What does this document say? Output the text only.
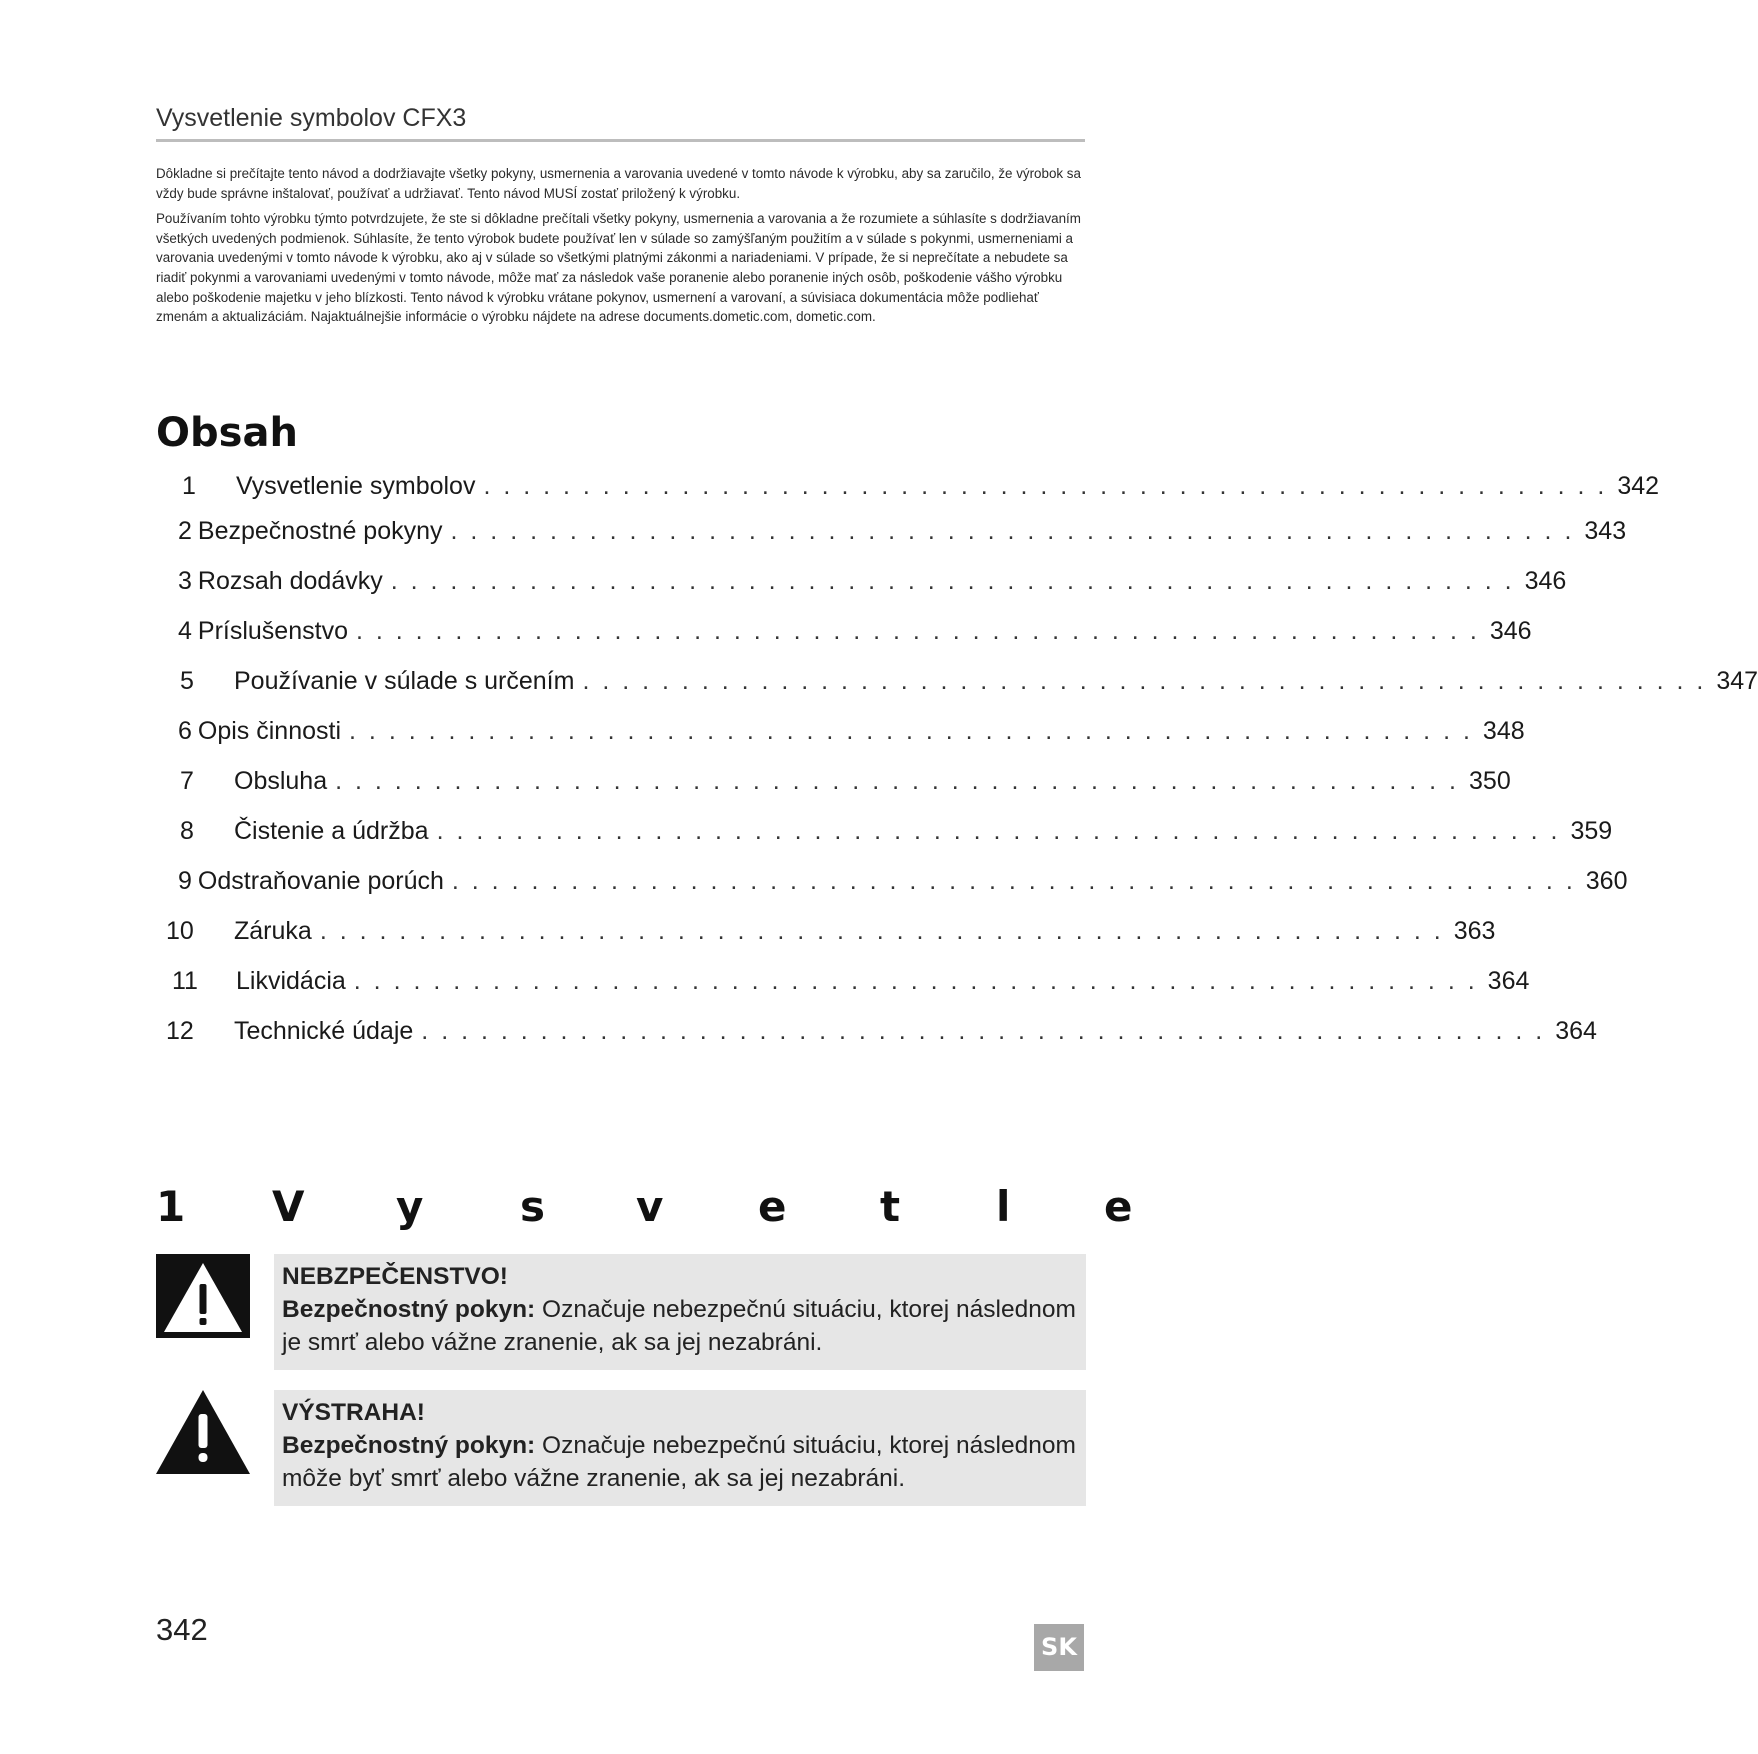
Vysvetlenie symbolov CFX3

Dôkladne si prečítajte tento návod a dodržiavajte všetky pokyny, usmernenia a varovania uvedené v tomto návode k výrobku, aby sa zaručilo, že výrobok sa vždy bude správne inštalovať, používať a udržiavať. Tento návod MUSÍ zostať priložený k výrobku.

Používaním tohto výrobku týmto potvrdzujete, že ste si dôkladne prečítali všetky pokyny, usmernenia a varovania a že rozumiete a súhlasíte s dodržiavaním všetkých uvedených podmienok. Súhlasíte, že tento výrobok budete používať len v súlade so zamýšľaným použitím a v súlade s pokynmi, usmerneniami a varovania uvedenými v tomto návode k výrobku, ako aj v súlade so všetkými platnými zákonmi a nariadeniami. V prípade, že si neprečítate a nebudete sa riadiť pokynmi a varovaniami uvedenými v tomto návode, môže mať za následok vaše poranenie alebo poranenie iných osôb, poškodenie vášho výrobku alebo poškodenie majetku v jeho blízkosti. Tento návod k výrobku vrátane pokynov, usmernení a varovaní, a súvisiaca dokumentácia môže podliehať zmenám a aktualizáciám. Najaktuálnejšie informácie o výrobku nájdete na adrese documents.dometic.com, dometic.com.

Obsah
1	Vysvetlenie symbolov . . . . . . . . . . . . . . . . . . . . . . . . . . . . . . . . . . . . . . . . . . . . . . . . . . . . . . . . . 342
2 Bezpečnostné pokyny . . . . . . . . . . . . . . . . . . . . . . . . . . . . . . . . . . . . . . . . . . . . . . . . . . . . . . . . . 343
3 Rozsah dodávky . . . . . . . . . . . . . . . . . . . . . . . . . . . . . . . . . . . . . . . . . . . . . . . . . . . . . . . . . 346
4 Príslušenstvo . . . . . . . . . . . . . . . . . . . . . . . . . . . . . . . . . . . . . . . . . . . . . . . . . . . . . . . . . 346
5	Používanie v súlade s určením . . . . . . . . . . . . . . . . . . . . . . . . . . . . . . . . . . . . . . . . . . . . . . . . . . . . . . . . . 347
6 Opis činnosti . . . . . . . . . . . . . . . . . . . . . . . . . . . . . . . . . . . . . . . . . . . . . . . . . . . . . . . . . 348
7	Obsluha . . . . . . . . . . . . . . . . . . . . . . . . . . . . . . . . . . . . . . . . . . . . . . . . . . . . . . . . . 350
8	Čistenie a údržba . . . . . . . . . . . . . . . . . . . . . . . . . . . . . . . . . . . . . . . . . . . . . . . . . . . . . . . . . 359
9 Odstraňovanie porúch . . . . . . . . . . . . . . . . . . . . . . . . . . . . . . . . . . . . . . . . . . . . . . . . . . . . . . . . . 360
10	Záruka . . . . . . . . . . . . . . . . . . . . . . . . . . . . . . . . . . . . . . . . . . . . . . . . . . . . . . . . . 363
11	Likvidácia . . . . . . . . . . . . . . . . . . . . . . . . . . . . . . . . . . . . . . . . . . . . . . . . . . . . . . . . . 364
12	Technické údaje . . . . . . . . . . . . . . . . . . . . . . . . . . . . . . . . . . . . . . . . . . . . . . . . . . . . . . . . . 364
1 V y s v e t l e
NEBZPEČENSTVO!
Bezpečnostný pokyn: Označuje nebezpečnú situáciu, ktorej následnom je smrť alebo vážne zranenie, ak sa jej nezabráni.
VÝSTRAHA!
Bezpečnostný pokyn: Označuje nebezpečnú situáciu, ktorej následnom môže byť smrť alebo vážne zranenie, ak sa jej nezabráni.
342	SK
